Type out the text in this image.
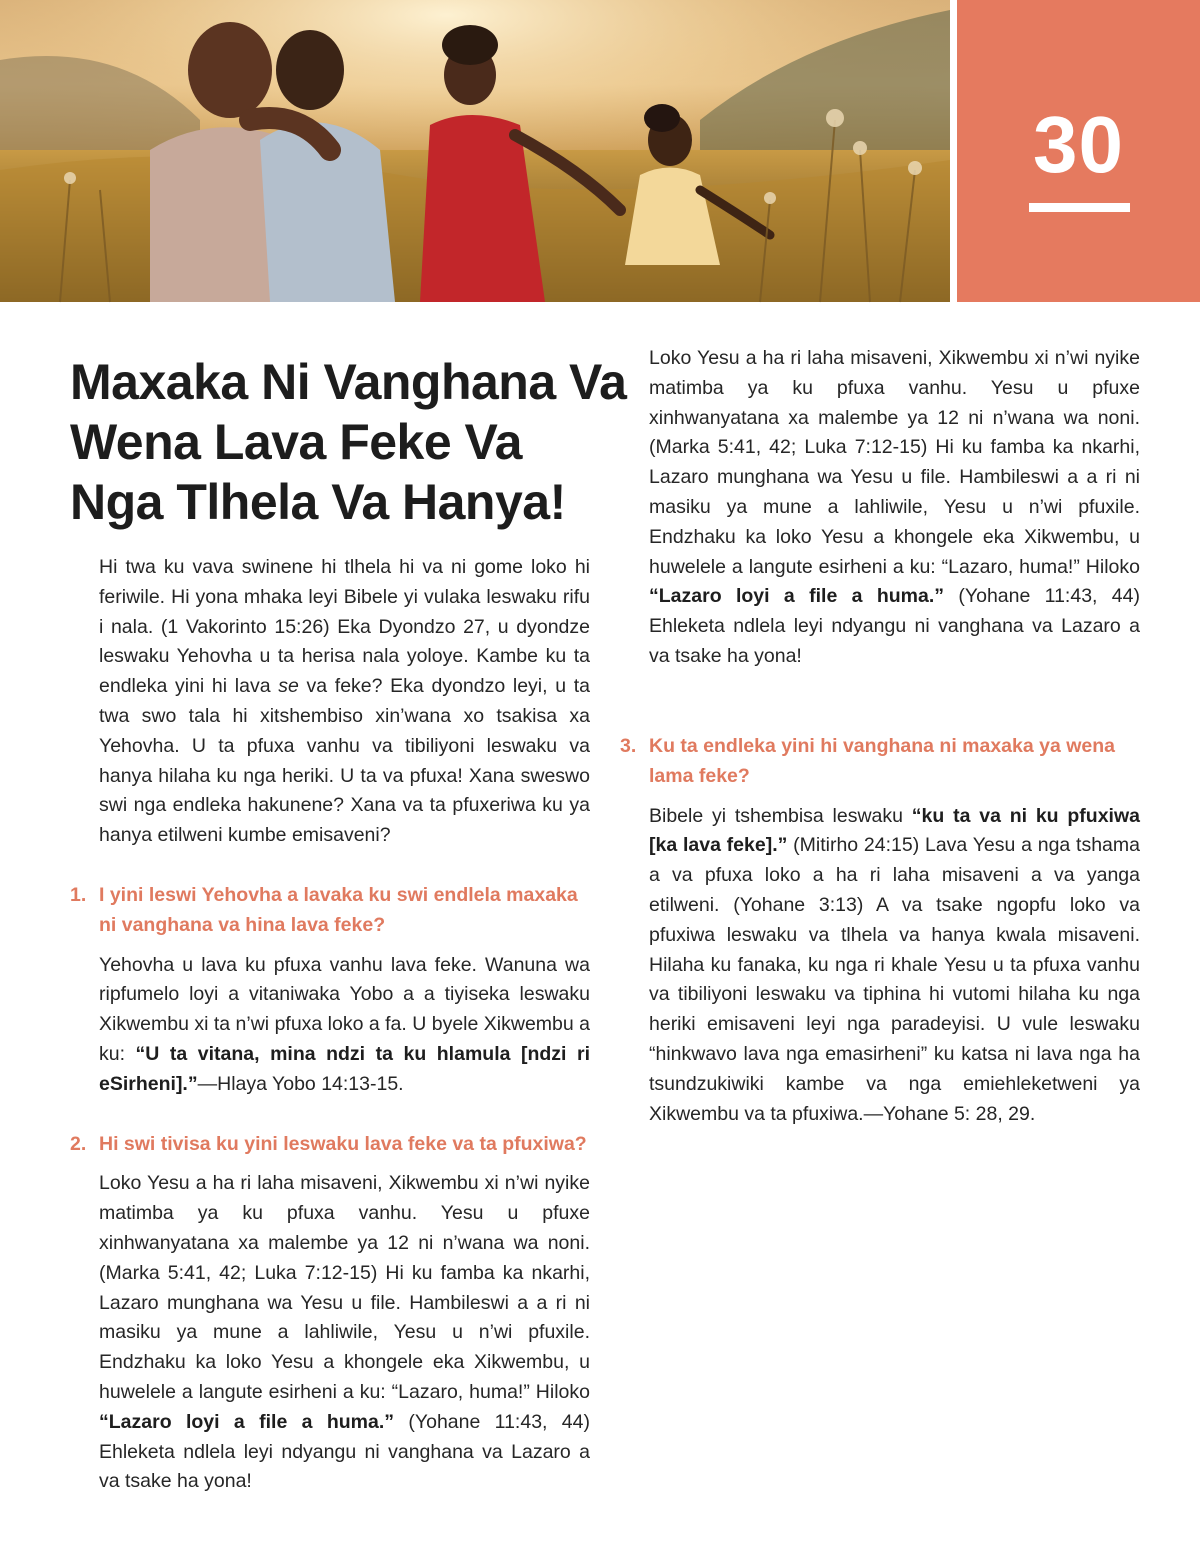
30
Maxaka Ni Vanghana Va
Wena Lava Feke Va
Nga Tlhela Va Hanya!

Hi twa ku vava swinene hi tlhela hi va ni gome loko hi feriwile. Hi yona mhaka leyi Bibele yi vulaka leswaku rifu i nala. (1 Vakorinto 15:26) Eka Dyondzo 27, u dyondze leswaku Yehovha u ta herisa nala yoloye. Kambe ku ta endleka yini hi lava se va feke? Eka dyondzo leyi, u ta twa swo tala hi xitshembiso xin’wana xo tsakisa xa Yehovha. U ta pfuxa vanhu va tibiliyoni leswaku va hanya hilaha ku nga heriki. U ta va pfuxa! Xana sweswo swi nga endleka hakunene? Xana va ta pfuxeriwa ku ya hanya etilweni kumbe emisaveni?

1. I yini leswi Yehovha a lavaka ku swi endlela maxaka ni vanghana va hina lava feke?

Yehovha u lava ku pfuxa vanhu lava feke. Wanuna wa ripfumelo loyi a vitaniwaka Yobo a a tiyiseka leswaku Xikwembu xi ta n’wi pfuxa loko a fa. U byele Xikwembu a ku: “U ta vitana, mina ndzi ta ku hlamula [ndzi ri eSirheni].”—Hlaya Yobo 14:13-15.

2. Hi swi tivisa ku yini leswaku lava feke va ta pfuxiwa?

Loko Yesu a ha ri laha misaveni, Xikwembu xi n’wi nyike matimba ya ku pfuxa vanhu. Yesu u pfuxe xinhwanyatana xa malembe ya 12 ni n’wana wa noni. (Marka 5:41, 42; Luka 7:12-15) Hi ku famba ka nkarhi, Lazaro munghana wa Yesu u file. Hambileswi a a ri ni masiku ya mune a lahliwile, Yesu u n’wi pfuxile. Endzhaku ka loko Yesu a khongele eka Xikwembu, u huwelele a langute esirheni a ku: “Lazaro, huma!” Hiloko “Lazaro loyi a file a huma.” (Yohane 11:43, 44) Ehleketa ndlela leyi ndyangu ni vanghana va Lazaro a va tsake ha yona!

Loko Yesu a ha ri laha misaveni, Xikwembu xi n’wi nyike matimba ya ku pfuxa vanhu. Yesu u pfuxe xinhwanyatana xa malembe ya 12 ni n’wana wa noni. (Marka 5:41, 42; Luka 7:12-15) Hi ku famba ka nkarhi, Lazaro munghana wa Yesu u file. Hambileswi a a ri ni masiku ya mune a lahliwile, Yesu u n’wi pfuxile. Endzhaku ka loko Yesu a khongele eka Xikwembu, u huwelele a langute esirheni a ku: “Lazaro, huma!” Hiloko “Lazaro loyi a file a huma.” (Yohane 11:43, 44) Ehleketa ndlela leyi ndyangu ni vanghana va Lazaro a va tsake ha yona!

3. Ku ta endleka yini hi vanghana ni maxaka ya wena lama feke?

Bibele yi tshembisa leswaku “ku ta va ni ku pfuxiwa [ka lava feke].” (Mitirho 24:15) Lava Yesu a nga tshama a va pfuxa loko a ha ri laha misaveni a va yanga etilweni. (Yohane 3:13) A va tsake ngopfu loko va pfuxiwa leswaku va tlhela va hanya kwala misaveni. Hilaha ku fanaka, ku nga ri khale Yesu u ta pfuxa vanhu va tibiliyoni leswaku va tiphina hi vutomi hilaha ku nga heriki emisaveni leyi nga paradeyisi. U vule leswaku “hinkwavo lava nga emasirheni” ku katsa ni lava nga ha tsundzukiwiki kambe va nga emiehleketweni ya Xikwembu va ta pfuxiwa.—Yohane 5: 28, 29.
